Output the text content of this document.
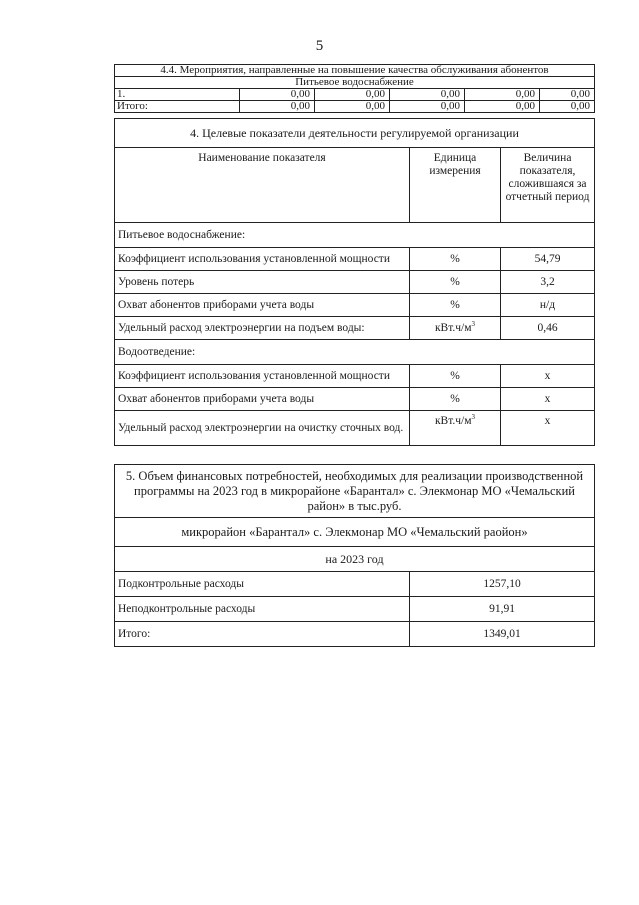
5
4.4. Мероприятия, направленные на повышение качества обслуживания абонентов					
Питьевое водоснабжение					
1.	0,00	0,00	0,00	0,00	0,00
Итого:	0,00	0,00	0,00	0,00	0,00
4. Целевые показатели деятельности регулируемой организации		
Наименование показателя	Единица измерения	Величина показателя, сложившаяся за отчетный период
Питьевое водоснабжение:		
Коэффициент использования установленной мощности	%	54,79
Уровень потерь	%	3,2
Охват абонентов приборами учета воды	%	н/д
Удельный расход электроэнергии на подъем воды:	$кВт.ч/м^3$	0,46
Водоотведение:		
Коэффициент использования установленной мощности	%	х
Охват абонентов приборами учета воды	%	х
Удельный расход электроэнергии на очистку сточных вод.	$кВт.ч/м^3$	х
5. Объем финансовых потребностей, необходимых для реализации производственной программы на 2023 год в микрорайоне «Барантал» с. Элекмонар МО «Чемальский район» в тыс.руб.	
микрорайон «Барантал» с. Элекмонар МО «Чемальский раойон»	
на 2023 год	
Подконтрольные расходы	1257,10
Неподконтрольные расходы	91,91
Итого:	1349,01
